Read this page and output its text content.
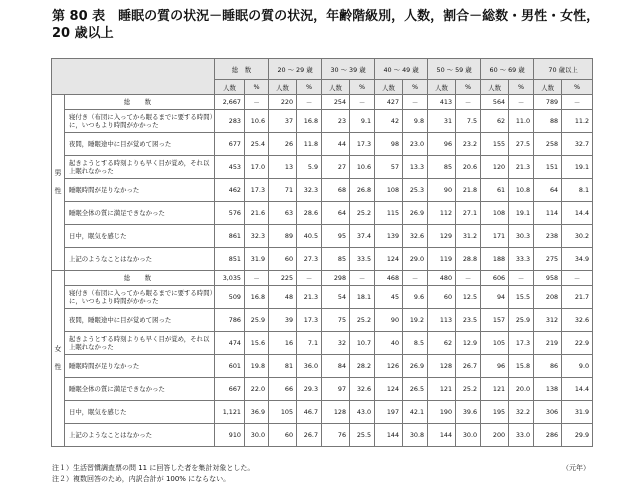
第 80 表　睡眠の質の状況－睡眠の質の状況，年齢階級別，人数，割合－総数・男性・女性，
20 歳以上
		総　数		20 ～ 29 歳		30 ～ 39 歳		40 ～ 49 歳		50 ～ 59 歳		60 ～ 69 歳		70 歳以上	
		人数	%	人数	%	人数	%	人数	%	人数	%	人数	%	人数	%
男　性	総　数	2,667	－	220	－	254	－	427	－	413	－	564	－	789	－
	寝付き（布団に入ってから眠るまでに要する時間）に，いつもより時間がかかった	283	10.6	37	16.8	23	9.1	42	9.8	31	7.5	62	11.0	88	11.2
	夜間，睡眠途中に目が覚めて困った	677	25.4	26	11.8	44	17.3	98	23.0	96	23.2	155	27.5	258	32.7
	起きようとする時刻よりも早く目が覚め，それ以上眠れなかった	453	17.0	13	5.9	27	10.6	57	13.3	85	20.6	120	21.3	151	19.1
	睡眠時間が足りなかった	462	17.3	71	32.3	68	26.8	108	25.3	90	21.8	61	10.8	64	8.1
	睡眠全体の質に満足できなかった	576	21.6	63	28.6	64	25.2	115	26.9	112	27.1	108	19.1	114	14.4
	日中，眠気を感じた	861	32.3	89	40.5	95	37.4	139	32.6	129	31.2	171	30.3	238	30.2
	上記のようなことはなかった	851	31.9	60	27.3	85	33.5	124	29.0	119	28.8	188	33.3	275	34.9
女　性	総　数	3,035	－	225	－	298	－	468	－	480	－	606	－	958	－
	寝付き（布団に入ってから眠るまでに要する時間）に，いつもより時間がかかった	509	16.8	48	21.3	54	18.1	45	9.6	60	12.5	94	15.5	208	21.7
	夜間，睡眠途中に目が覚めて困った	786	25.9	39	17.3	75	25.2	90	19.2	113	23.5	157	25.9	312	32.6
	起きようとする時刻よりも早く目が覚め，それ以上眠れなかった	474	15.6	16	7.1	32	10.7	40	8.5	62	12.9	105	17.3	219	22.9
	睡眠時間が足りなかった	601	19.8	81	36.0	84	28.2	126	26.9	128	26.7	96	15.8	86	9.0
	睡眠全体の質に満足できなかった	667	22.0	66	29.3	97	32.6	124	26.5	121	25.2	121	20.0	138	14.4
	日中，眠気を感じた	1,121	36.9	105	46.7	128	43.0	197	42.1	190	39.6	195	32.2	306	31.9
	上記のようなことはなかった	910	30.0	60	26.7	76	25.5	144	30.8	144	30.0	200	33.0	286	29.9
注１）生活習慣調査票の問 11 に回答した者を集計対象とした。
注２）複数回答のため，内訳合計が 100% にならない。
（元年）
